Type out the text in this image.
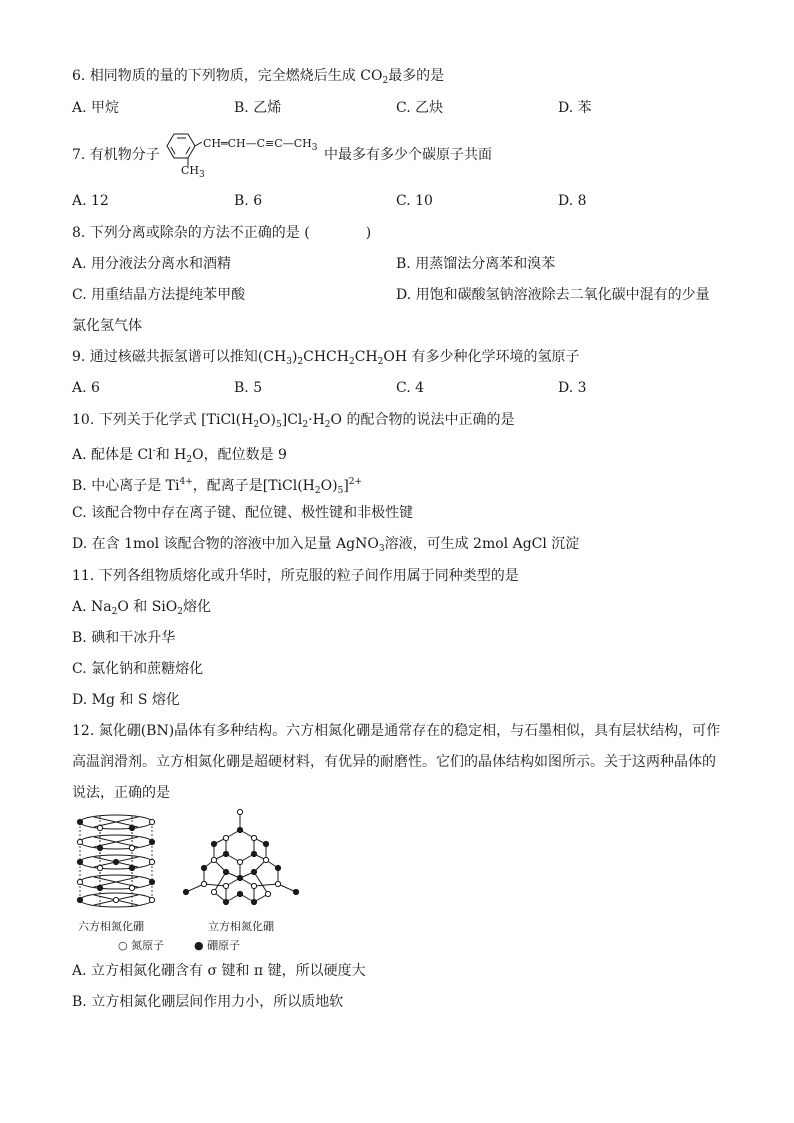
6. 相同物质的量的下列物质，完全燃烧后生成 $CO_2$最多的是
A. 甲烷	B. 乙烯	C. 乙炔	D. 苯
7. 有机物分子
$CH═CH—C\equiv C—CH_3$
$CH_3$
中最多有多少个碳原子共面
A. 12	B. 6	C. 10	D. 8
8. 下列分离或除杂的方法不正确的是 (　　　　)
A. 用分液法分离水和酒精	B. 用蒸馏法分离苯和溴苯
C. 用重结晶方法提纯苯甲酸	D. 用饱和碳酸氢钠溶液除去二氧化碳中混有的少量
氯化氢气体
9. 通过核磁共振氢谱可以推知$(CH_3)_2CHCH_2CH_2OH$ 有多少种化学环境的氢原子
A. 6	B. 5	C. 4	D. 3
10. 下列关于化学式 $[TiCl(H_2O)_5]Cl_2\cdot H_2O$ 的配合物的说法中正确的是
A. 配体是 Cl-和 $H_2O$，配位数是 9
B. 中心离子是 $Ti^{4+}$，配离子是$[TiCl(H_2O)_5]^{2+}$
C. 该配合物中存在离子键、配位键、极性键和非极性键
D. 在含 1mol 该配合物的溶液中加入足量 AgNO$_3$溶液，可生成 2mol AgCl 沉淀
11. 下列各组物质熔化或升华时，所克服的粒子间作用属于同种类型的是
A. $Na_2O$ 和 SiO$_2$熔化
B. 碘和干冰升华
C. 氯化钠和蔗糖熔化
D. Mg 和 S 熔化
12. 氮化硼(BN)晶体有多种结构。六方相氮化硼是通常存在的稳定相，与石墨相似，具有层状结构，可作高温润滑剂。立方相氮化硼是超硬材料，有优异的耐磨性。它们的晶体结构如图所示。关于这两种晶体的说法，正确的是
六方相氮化硼	立方相氮化硼
○ 氮原子	● 硼原子
A. 立方相氮化硼含有 σ 键和 π 键，所以硬度大
B. 立方相氮化硼层间作用力小，所以质地软
